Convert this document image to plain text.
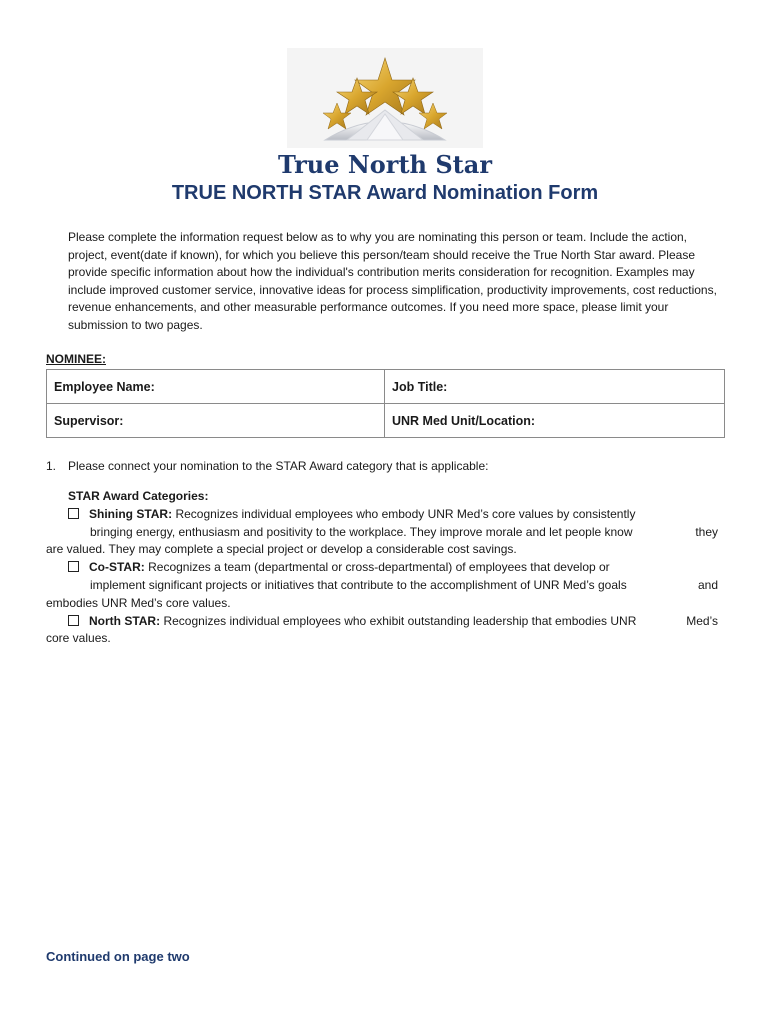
True North Star
TRUE NORTH STAR Award Nomination Form

Please complete the information request below as to why you are nominating this person or team. Include the action, project, event(date if known), for which you believe this person/team should receive the True North Star award. Please provide specific information about how the individual's contribution merits consideration for recognition. Examples may include improved customer service, innovative ideas for process simplification, productivity improvements, cost reductions, revenue enhancements, and other measurable performance outcomes. If you need more space, please limit your submission to two pages.

NOMINEE:
Employee Name:	Job Title:
Supervisor:	UNR Med Unit/Location:
1. Please connect your nomination to the STAR Award category that is applicable:
STAR Award Categories:
Shining STAR: Recognizes individual employees who embody UNR Med’s core values by consistently
bringing energy, enthusiasm and positivity to the workplace. They improve morale and let people know	they
are valued. They may complete a special project or develop a considerable cost savings.
Co-STAR: Recognizes a team (departmental or cross-departmental) of employees that develop or
implement significant projects or initiatives that contribute to the accomplishment of UNR Med’s goals	and
embodies UNR Med’s core values.
North STAR: Recognizes individual employees who exhibit outstanding leadership that embodies UNR	Med’s
core values.
Continued on page two
